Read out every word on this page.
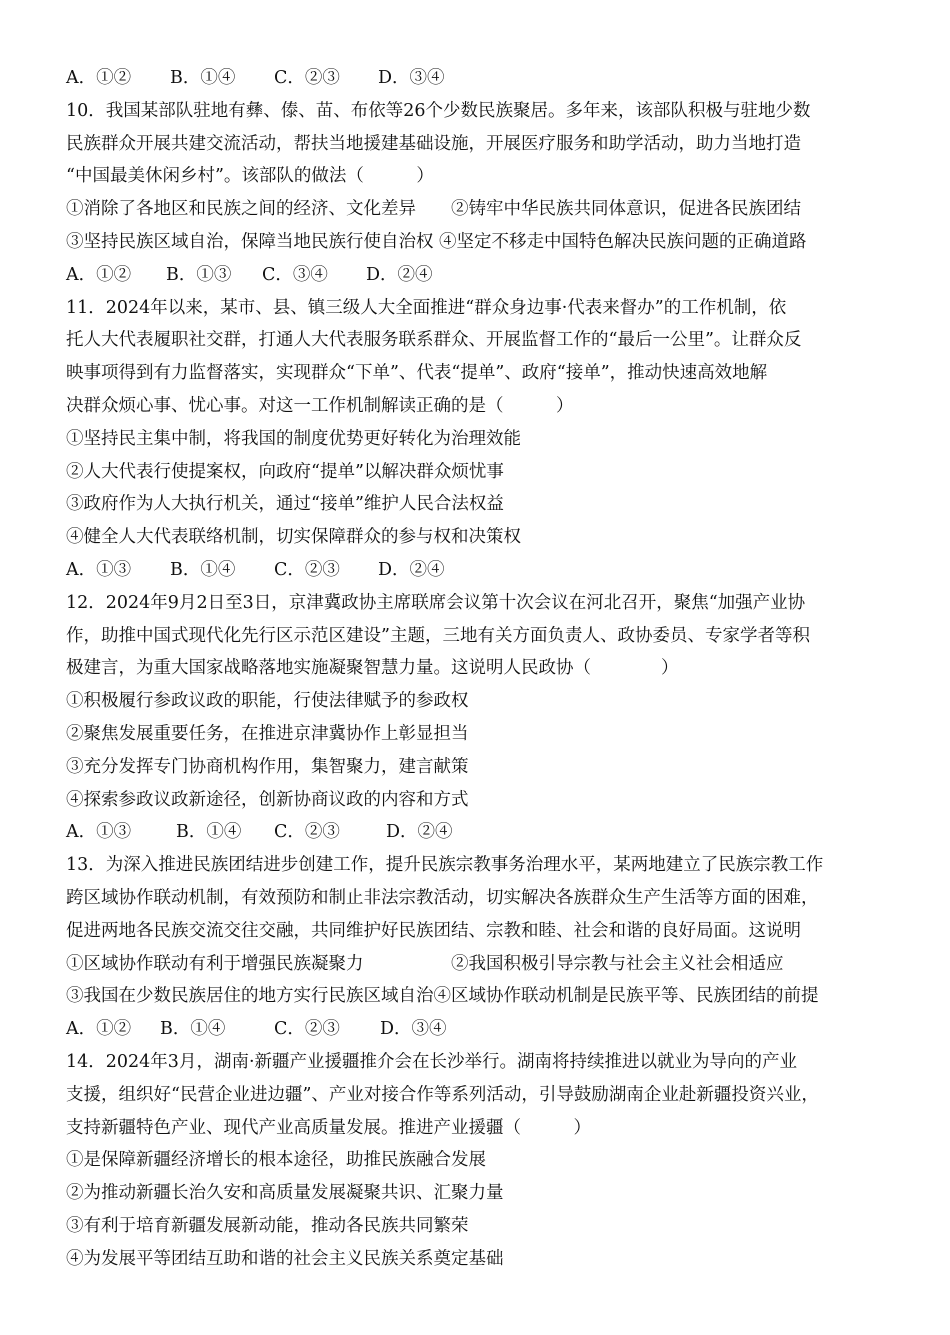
A．①② B．①④ C．②③ D．③④
10．我国某部队驻地有彝、傣、苗、布依等26个少数民族聚居。多年来，该部队积极与驻地少数
民族群众开展共建交流活动，帮扶当地援建基础设施，开展医疗服务和助学活动，助力当地打造
“中国最美休闲乡村”。该部队的做法（　　　）
①消除了各地区和民族之间的经济、文化差异　　②铸牢中华民族共同体意识，促进各民族团结
③坚持民族区域自治，保障当地民族行使自治权 ④坚定不移走中国特色解决民族问题的正确道路
A．①② B．①③ C．③④ D．②④
11．2024年以来，某市、县、镇三级人大全面推进“群众身边事·代表来督办”的工作机制，依
托人大代表履职社交群，打通人大代表服务联系群众、开展监督工作的“最后一公里”。让群众反
映事项得到有力监督落实，实现群众“下单”、代表“提单”、政府“接单”，推动快速高效地解
决群众烦心事、忧心事。对这一工作机制解读正确的是（　　　）
①坚持民主集中制，将我国的制度优势更好转化为治理效能
②人大代表行使提案权，向政府“提单”以解决群众烦忧事
③政府作为人大执行机关，通过“接单”维护人民合法权益
④健全人大代表联络机制，切实保障群众的参与权和决策权
A．①③ B．①④ C．②③ D．②④
12．2024年9月2日至3日，京津冀政协主席联席会议第十次会议在河北召开，聚焦“加强产业协
作，助推中国式现代化先行区示范区建设”主题，三地有关方面负责人、政协委员、专家学者等积
极建言，为重大国家战略落地实施凝聚智慧力量。这说明人民政协（　　　　）
①积极履行参政议政的职能，行使法律赋予的参政权
②聚焦发展重要任务，在推进京津冀协作上彰显担当
③充分发挥专门协商机构作用，集智聚力，建言献策
④探索参政议政新途径，创新协商议政的内容和方式
A．①③	B．①④ C．②③	D．②④
13．为深入推进民族团结进步创建工作，提升民族宗教事务治理水平，某两地建立了民族宗教工作
跨区域协作联动机制，有效预防和制止非法宗教活动，切实解决各族群众生产生活等方面的困难，
促进两地各民族交流交往交融，共同维护好民族团结、宗教和睦、社会和谐的良好局面。这说明
①区域协作联动有利于增强民族凝聚力　　　　　②我国积极引导宗教与社会主义社会相适应
③我国在少数民族居住的地方实行民族区域自治④区域协作联动机制是民族平等、民族团结的前提
A．①② B．①④	C．②③ D．③④
14．2024年3月，湖南·新疆产业援疆推介会在长沙举行。湖南将持续推进以就业为导向的产业
支援，组织好“民营企业进边疆”、产业对接合作等系列活动，引导鼓励湖南企业赴新疆投资兴业，
支持新疆特色产业、现代产业高质量发展。推进产业援疆（　　　）
①是保障新疆经济增长的根本途径，助推民族融合发展
②为推动新疆长治久安和高质量发展凝聚共识、汇聚力量
③有利于培育新疆发展新动能，推动各民族共同繁荣
④为发展平等团结互助和谐的社会主义民族关系奠定基础
